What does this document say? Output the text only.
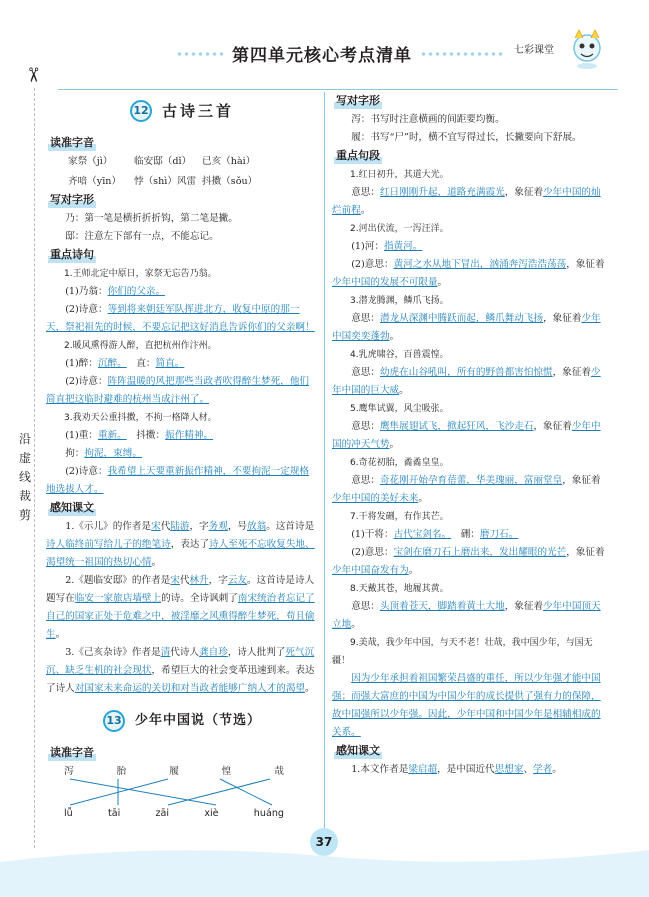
第四单元核心考点清单	七彩课堂
✂
沿虚线裁剪
12 古诗三首
读准字音
家祭（jì）	临安邸（dǐ）	已亥（hài）
齐喑（yīn）	悖（shì）风雷 抖擞（sǒu）
写对字形
乃：第一笔是横折折折钩，第二笔是撇。
邸：注意左下部有一点，不能忘记。
重点诗句
1.王师北定中原日，家祭无忘告乃翁。
(1)乃翁：你们的父亲。
(2)诗意：等到将来朝廷军队挥进北方，收复中原的那一天，祭祀祖先的时候，不要忘记把这好消息告诉你们的父亲啊！
2.暖风熏得游人醉，直把杭州作汴州。
(1)醉：沉醉。  直：简直。
(2)诗意：阵阵温暖的风把那些当政者吹得醉生梦死，他们简直把这临时避难的杭州当成汴州了。
3.我劝天公重抖擞，不拘一格降人材。
(1)重：重新。  抖擞：振作精神。
拘：拘泥，束缚。
(2)诗意：我希望上天要重新振作精神，不要拘泥一定规格地选拔人才。
感知课文
1.《示儿》的作者是宋代陆游，字务观，号放翁。这首诗是诗人临终前写给儿子的绝笔诗，表达了诗人至死不忘收复失地、渴望统一祖国的热切心情。
2.《题临安邸》的作者是宋代林升，字云友。这首诗是诗人题写在临安一家旅店墙壁上的诗。全诗讽刺了南宋统治者忘记了自己的国家正处于危难之中，被淫靡之风熏得醉生梦死，苟且偷生。
3.《己亥杂诗》作者是清代诗人龚自珍，诗人批判了死气沉沉、缺乏生机的社会现状，希望巨大的社会变革迅速到来。表达了诗人对国家未来命运的关切和对当政者能够广纳人才的渴望。
13 少年中国说（节选）
读准字音
泻	胎	履	惶	哉
lǚ	tāi	zāi	xiè	huáng
写对字形
泻：书写时注意横画的间距要均衡。
履：书写“尸”时，横不宜写得过长，长撇要向下舒展。
重点句段
1.红日初升，其道大光。
意思：红日刚刚升起，道路充满霞光，象征着少年中国的灿烂前程。
2.河出伏流，一泻汪洋。
(1)河：指黄河。
(2)意思：黄河之水从地下冒出，汹涌奔泻浩浩荡荡，象征着少年中国的发展不可限量。
3.潜龙腾渊，鳞爪飞扬。
意思：潜龙从深渊中腾跃而起，鳞爪舞动飞扬，象征着少年中国奕奕蓬勃。
4.乳虎啸谷，百兽震惶。
意思：幼虎在山谷吼叫，所有的野兽都害怕惊慌，象征着少年中国的巨大威。
5.鹰隼试翼，风尘吸张。
意思：鹰隼展翅试飞，掀起狂风，飞沙走石，象征着少年中国的冲天气势。
6.奇花初胎，矞矞皇皇。
意思：奇花刚开始孕育蓓蕾，华美瑰丽，富丽堂皇，象征着少年中国的美好未来。
7.干将发硎，有作其芒。
(1)干将：古代宝剑名。  硎：磨刀石。
(2)意思：宝剑在磨刀石上磨出来，发出耀眼的光芒，象征着少年中国奋发有为。
8.天戴其苍，地履其黄。
意思：头顶着苍天，脚踏着黄土大地，象征着少年中国顶天立地。
9.美哉，我少年中国，与天不老！壮哉，我中国少年，与国无疆！
因为少年承担着祖国繁荣昌盛的重任，所以少年强才能中国强；而强大富庶的中国为中国少年的成长提供了强有力的保障，故中国强所以少年强。因此，少年中国和中国少年是相辅相成的关系。
感知课文
1.本文作者是梁启超，是中国近代思想家、学者。
37
